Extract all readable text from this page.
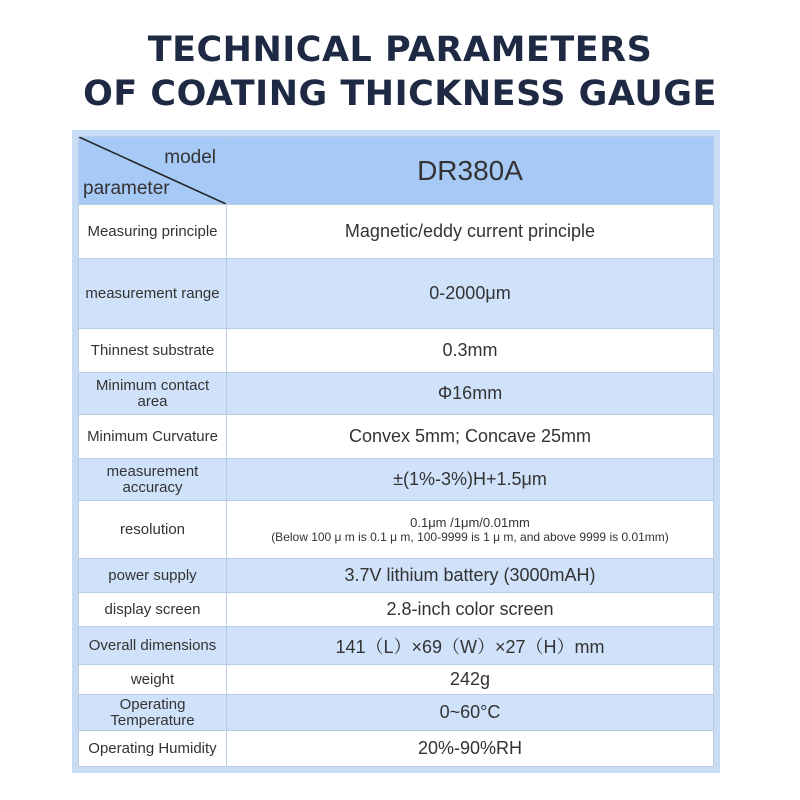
TECHNICAL PARAMETERS
OF COATING THICKNESS GAUGE
model
parameter	DR380A
Measuring principle	Magnetic/eddy current principle
measurement range	0-2000μm
Thinnest substrate	0.3mm
Minimum contact area	Φ16mm
Minimum Curvature	Convex 5mm; Concave 25mm
measurement accuracy	±(1%-3%)H+1.5μm
resolution	0.1μm /1μm/0.01mm
(Below 100 μ m is 0.1 μ m, 100-9999 is 1 μ m, and above 9999 is 0.01mm)

power supply	3.7V lithium battery (3000mAH)
display screen	2.8-inch color screen
Overall dimensions	141（L）×69（W）×27（H）mm
weight	242g
Operating Temperature	0~60°C
Operating Humidity	20%-90%RH
